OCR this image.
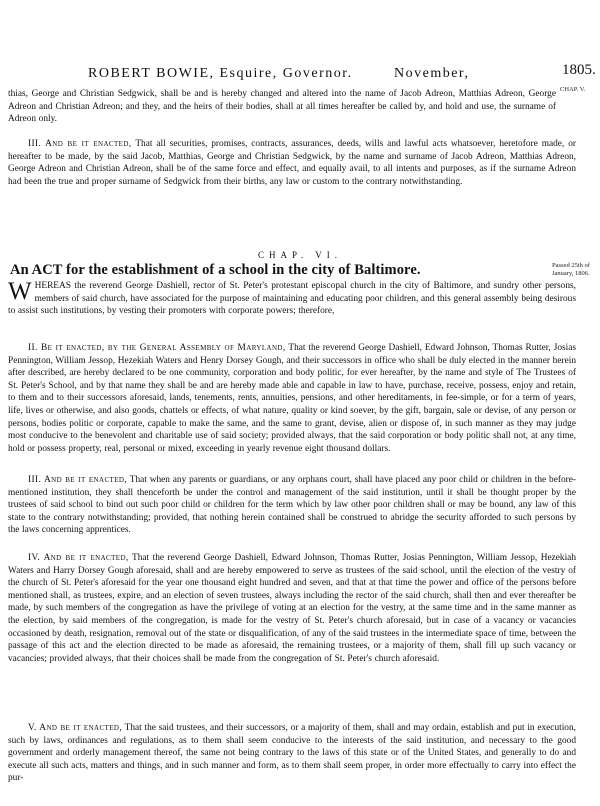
ROBERT BOWIE, Esquire, Governor.	November,	1805.
CHAP. V.

thias, George and Christian Sedgwick, shall be and is hereby changed and altered into the name of Jacob Adreon, Matthias Adreon, George Adreon and Christian Adreon; and they, and the heirs of their bodies, shall at all times hereafter be called by, and hold and use, the surname of Adreon only.

III. And be it enacted, That all securities, promises, contracts, assurances, deeds, wills and lawful acts whatsoever, heretofore made, or hereafter to be made, by the said Jacob, Matthias, George and Christian Sedgwick, by the name and surname of Jacob Adreon, Matthias Adreon, George Adreon and Christian Adreon, shall be of the same force and effect, and equally avail, to all intents and purposes, as if the surname Adreon had been the true and proper surname of Sedgwick from their births, any law or custom to the contrary notwithstanding.

CHAP. VI.
An ACT for the establishment of a school in the city of Baltimore.	Passed 25th of January, 1806.

WHEREAS the reverend George Dashiell, rector of St. Peter's protestant episcopal church in the city of Baltimore, and sundry other persons, members of said church, have associated for the purpose of maintaining and educating poor children, and this general assembly being desirous to assist such institutions, by vesting their promoters with corporate powers; therefore,

II. Be it enacted, by the General Assembly of Maryland, That the reverend George Dashiell, Edward Johnson, Thomas Rutter, Josias Pennington, William Jessop, Hezekiah Waters and Henry Dorsey Gough, and their successors in office who shall be duly elected in the manner herein after described, are hereby declared to be one community, corporation and body politic, for ever hereafter, by the name and style of The Trustees of St. Peter's School, and by that name they shall be and are hereby made able and capable in law to have, purchase, receive, possess, enjoy and retain, to them and to their successors aforesaid, lands, tenements, rents, annuities, pensions, and other hereditaments, in fee-simple, or for a term of years, life, lives or otherwise, and also goods, chattels or effects, of what nature, quality or kind soever, by the gift, bargain, sale or devise, of any person or persons, bodies politic or corporate, capable to make the same, and the same to grant, devise, alien or dispose of, in such manner as they may judge most conducive to the benevolent and charitable use of said society; provided always, that the said corporation or body politic shall not, at any time, hold or possess property, real, personal or mixed, exceeding in yearly revenue eight thousand dollars.

III. And be it enacted, That when any parents or guardians, or any orphans court, shall have placed any poor child or children in the before-mentioned institution, they shall thenceforth be under the control and management of the said institution, until it shall be thought proper by the trustees of said school to bind out such poor child or children for the term which by law other poor children shall or may be bound, any law of this state to the contrary notwithstanding; provided, that nothing herein contained shall be construed to abridge the security afforded to such persons by the laws concerning apprentices.

IV. And be it enacted, That the reverend George Dashiell, Edward Johnson, Thomas Rutter, Josias Pennington, William Jessop, Hezekiah Waters and Harry Dorsey Gough aforesaid, shall and are hereby empowered to serve as trustees of the said school, until the election of the vestry of the church of St. Peter's aforesaid for the year one thousand eight hundred and seven, and that at that time the power and office of the persons before mentioned shall, as trustees, expire, and an election of seven trustees, always including the rector of the said church, shall then and ever thereafter be made, by such members of the congregation as have the privilege of voting at an election for the vestry, at the same time and in the same manner as the election, by said members of the congregation, is made for the vestry of St. Peter's church aforesaid, but in case of a vacancy or vacancies occasioned by death, resignation, removal out of the state or disqualification, of any of the said trustees in the intermediate space of time, between the passage of this act and the election directed to be made as aforesaid, the remaining trustees, or a majority of them, shall fill up such vacancy or vacancies; provided always, that their choices shall be made from the congregation of St. Peter's church aforesaid.

V. And be it enacted, That the said trustees, and their successors, or a majority of them, shall and may ordain, establish and put in execution, such by laws, ordinances and regulations, as to them shall seem conducive to the interests of the said institution, and necessary to the good government and orderly management thereof, the same not being contrary to the laws of this state or of the United States, and generally to do and execute all such acts, matters and things, and in such manner and form, as to them shall seem proper, in order more effectually to carry into effect the pur-
